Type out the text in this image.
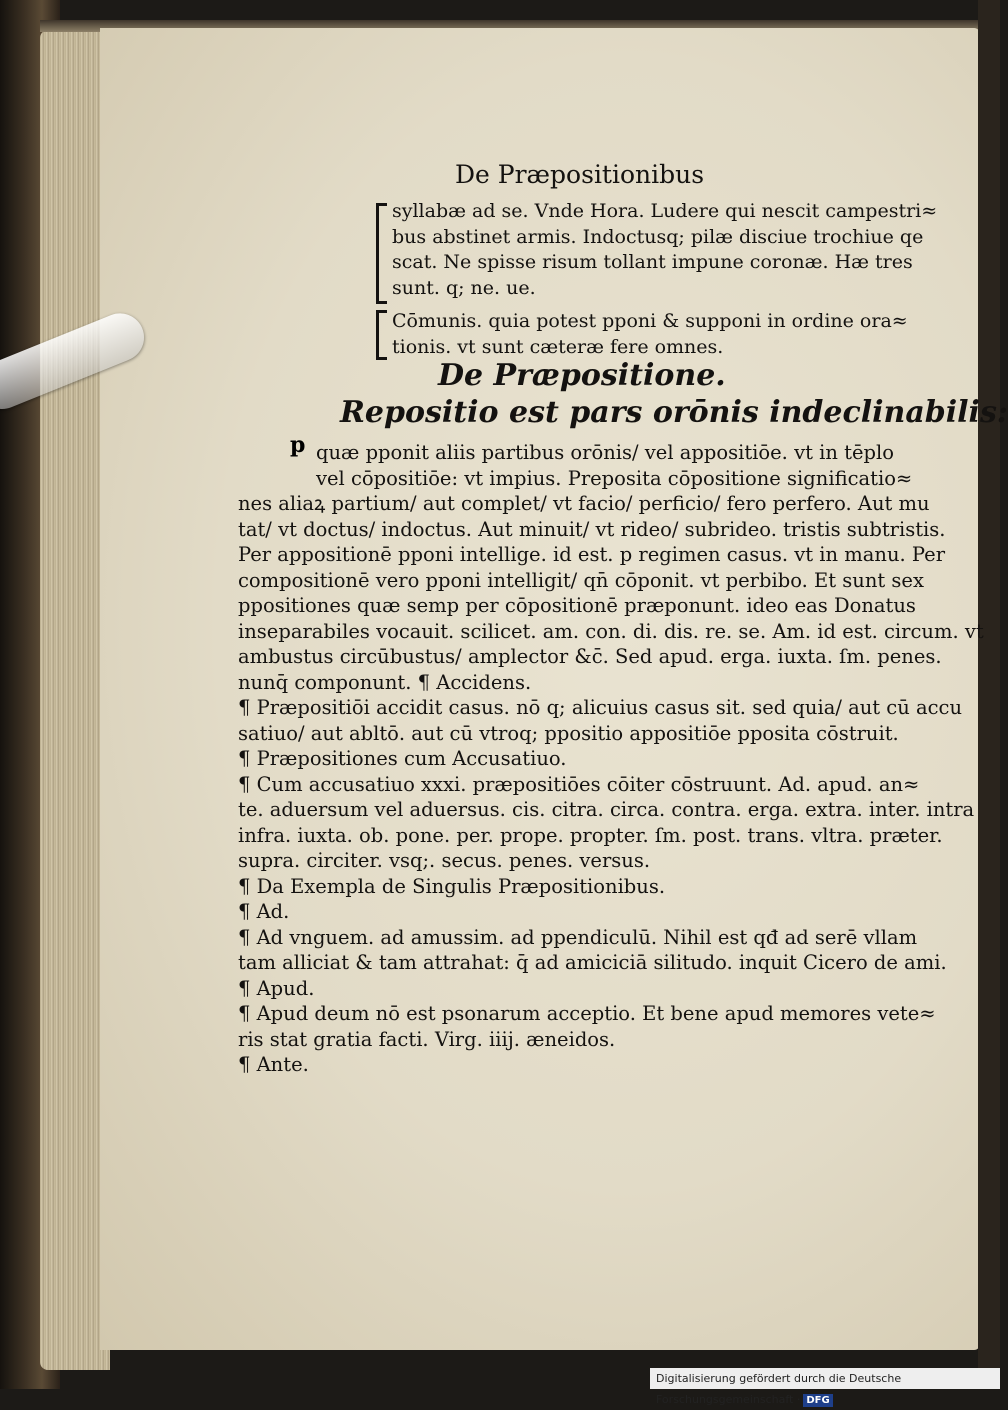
De Præpositionibus
syllabæ ad se. Vnde Hora. Ludere qui nescit campestri≈
bus abstinet armis. Indoctusq; pilæ disciue trochiue qe
scat. Ne spisse risum tollant impune coronæ. Hæ tres
sunt. q; ne. ue.
Cōmunis. quia potest pponi & supponi in ordine ora≈
tionis. vt sunt cæteræ fere omnes.
De Præpositione.
Repositio est pars orōnis indeclinabilis:
p quæ pponit aliis partibus orōnis/ vel appositiōe. vt in tēplo
vel cōpositiōe: vt impius. Preposita cōpositione significatio≈
nes aliaꝝ partium/ aut complet/ vt facio/ perficio/ fero perfero. Aut mu
tat/ vt doctus/ indoctus. Aut minuit/ vt rideo/ subrideo. tristis subtristis.
Per appositionē pponi intellige. id est. p regimen casus. vt in manu. Per
compositionē vero pponi intelligit/ qn̄ cōponit. vt perbibo. Et sunt sex
ppositiones quæ semp per cōpositionē præponunt. ideo eas Donatus
inseparabiles vocauit. scilicet. am. con. di. dis. re. se. Am. id est. circum. vt
ambustus circūbustus/ amplector &c̄. Sed apud. erga. iuxta. ſm. penes.
nunq̄ componunt. ¶ Accidens.
¶ Præpositiōi accidit casus. nō q; alicuius casus sit. sed quia/ aut cū accu
satiuo/ aut abltō. aut cū vtroq; ppositio appositiōe pposita cōstruit.
¶ Præpositiones cum Accusatiuo.
¶ Cum accusatiuo xxxi. præpositiōes cōiter cōstruunt. Ad. apud. an≈
te. aduersum vel aduersus. cis. citra. circa. contra. erga. extra. inter. intra
infra. iuxta. ob. pone. per. prope. propter. ſm. post. trans. vltra. præter.
supra. circiter. vsq;. secus. penes. versus.
¶ Da Exempla de Singulis Præpositionibus.
¶ Ad.
¶ Ad vnguem. ad amussim. ad ppendiculū. Nihil est qđ ad serē vllam
tam alliciat & tam attrahat: q̄ ad amiciciā silitudo. inquit Cicero de ami.
¶ Apud.
¶ Apud deum nō est psonarum acceptio. Et bene apud memores vete≈
ris stat gratia facti. Virg. iiij. æneidos.
¶ Ante.
Digitalisierung gefördert durch die Deutsche Forschungsgemeinschaft · DFG
